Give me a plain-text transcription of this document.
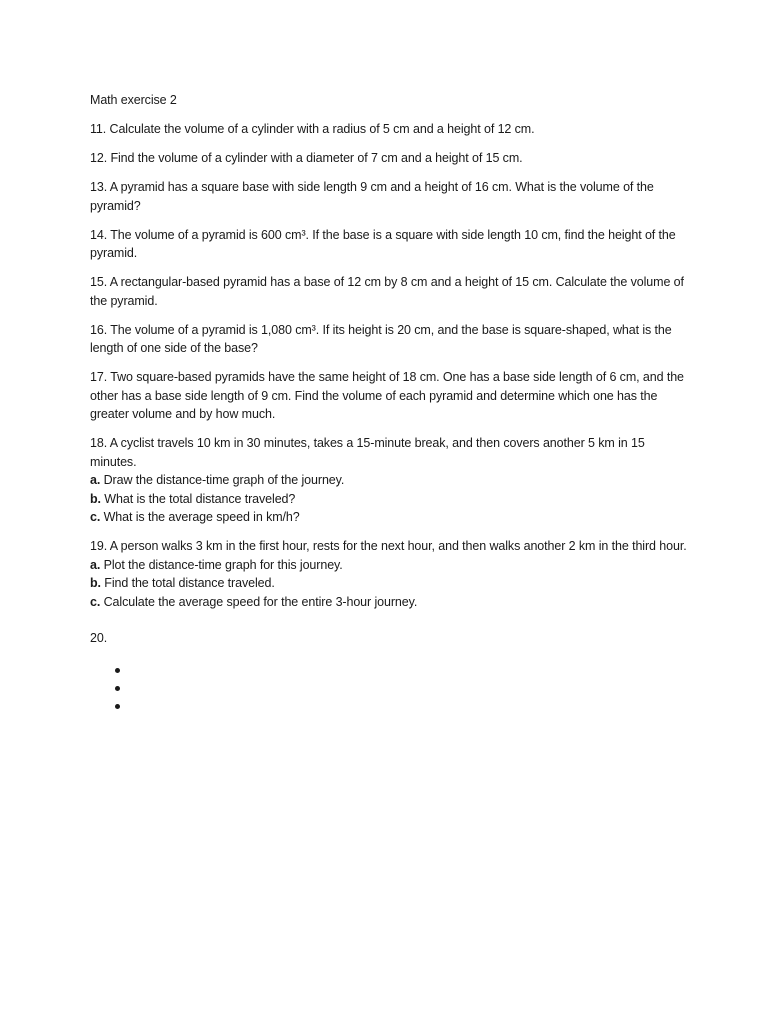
Math exercise 2
11. Calculate the volume of a cylinder with a radius of 5 cm and a height of 12 cm.
12. Find the volume of a cylinder with a diameter of 7 cm and a height of 15 cm.
13. A pyramid has a square base with side length 9 cm and a height of 16 cm. What is the volume of the pyramid?
14. The volume of a pyramid is 600 cm³. If the base is a square with side length 10 cm, find the height of the pyramid.
15. A rectangular-based pyramid has a base of 12 cm by 8 cm and a height of 15 cm. Calculate the volume of the pyramid.
16. The volume of a pyramid is 1,080 cm³. If its height is 20 cm, and the base is square-shaped, what is the length of one side of the base?
17. Two square-based pyramids have the same height of 18 cm. One has a base side length of 6 cm, and the other has a base side length of 9 cm. Find the volume of each pyramid and determine which one has the greater volume and by how much.
18. A cyclist travels 10 km in 30 minutes, takes a 15-minute break, and then covers another 5 km in 15 minutes.
a. Draw the distance-time graph of the journey.
b. What is the total distance traveled?
c. What is the average speed in km/h?
19. A person walks 3 km in the first hour, rests for the next hour, and then walks another 2 km in the third hour.
a. Plot the distance-time graph for this journey.
b. Find the total distance traveled.
c. Calculate the average speed for the entire 3-hour journey.
20.
